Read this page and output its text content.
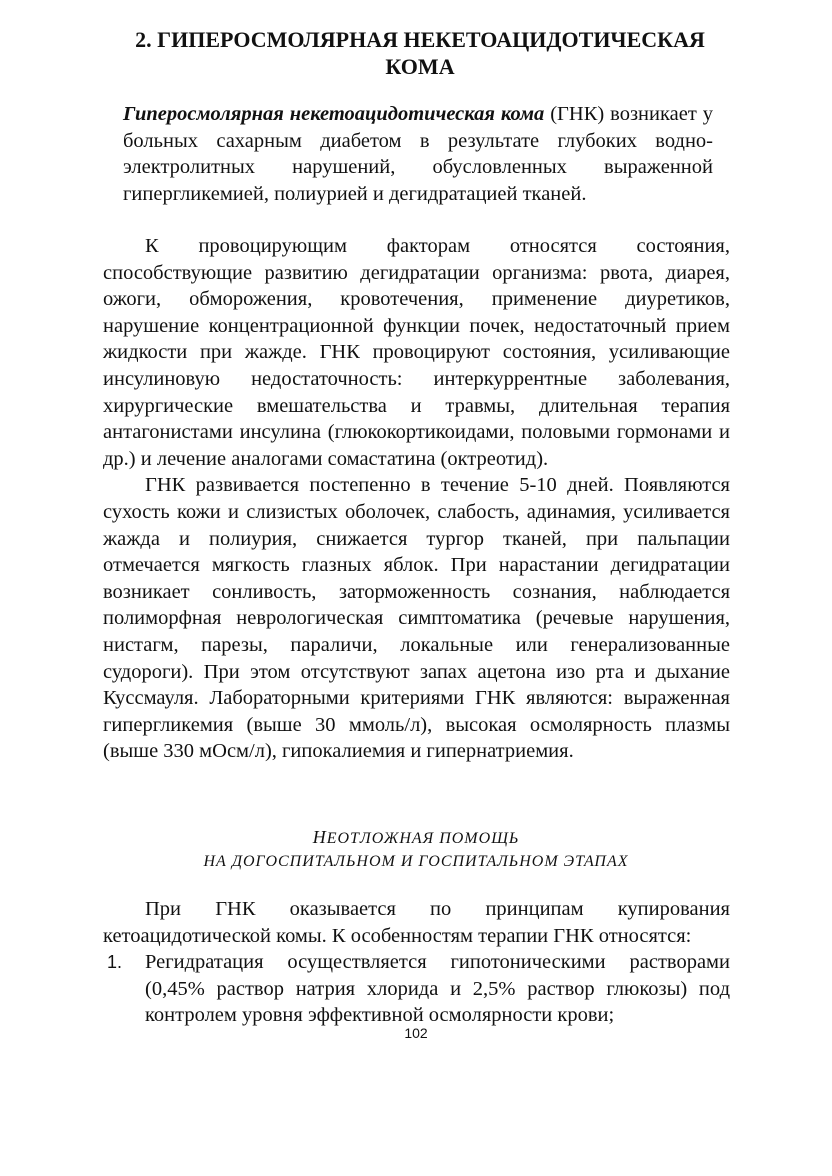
2. ГИПЕРОСМОЛЯРНАЯ НЕКЕТОАЦИДОТИЧЕСКАЯ
КОМА
Гиперосмолярная некетоацидотическая кома (ГНК) возникает у больных сахарным диабетом в результате глубоких водно-электролитных нарушений, обусловленных выраженной гипергликемией, полиурией и дегидратацией тканей.

К провоцирующим факторам относятся состояния, способствующие развитию дегидратации организма: рвота, диарея, ожоги, обморожения, кровотечения, применение диуретиков, нарушение концентрационной функции почек, недостаточный прием жидкости при жажде. ГНК провоцируют состояния, усиливающие инсулиновую недостаточность: интеркуррентные заболевания, хирургические вмешательства и травмы, длительная терапия антагонистами инсулина (глюкокортикоидами, половыми гормонами и др.) и лечение аналогами сомастатина (октреотид).

ГНК развивается постепенно в течение 5-10 дней. Появляются сухость кожи и слизистых оболочек, слабость, адинамия, усиливается жажда и полиурия, снижается тургор тканей, при пальпации отмечается мягкость глазных яблок. При нарастании дегидратации возникает сонливость, заторможенность сознания, наблюдается полиморфная неврологическая симптоматика (речевые нарушения, нистагм, парезы, параличи, локальные или генерализованные судороги). При этом отсутствуют запах ацетона изо рта и дыхание Куссмауля. Лабораторными критериями ГНК являются: выраженная гипергликемия (выше 30 ммоль/л), высокая осмолярность плазмы (выше 330 мОсм/л), гипокалиемия и гипернатриемия.

НЕОТЛОЖНАЯ ПОМОЩЬ
НА ДОГОСПИТАЛЬНОМ И ГОСПИТАЛЬНОМ ЭТАПАХ

При ГНК оказывается по принципам купирования кетоацидотической комы. К особенностям терапии ГНК относятся:

1. Регидратация осуществляется гипотоническими растворами (0,45% раствор натрия хлорида и 2,5% раствор глюкозы) под контролем уровня эффективной осмолярности крови;
102
